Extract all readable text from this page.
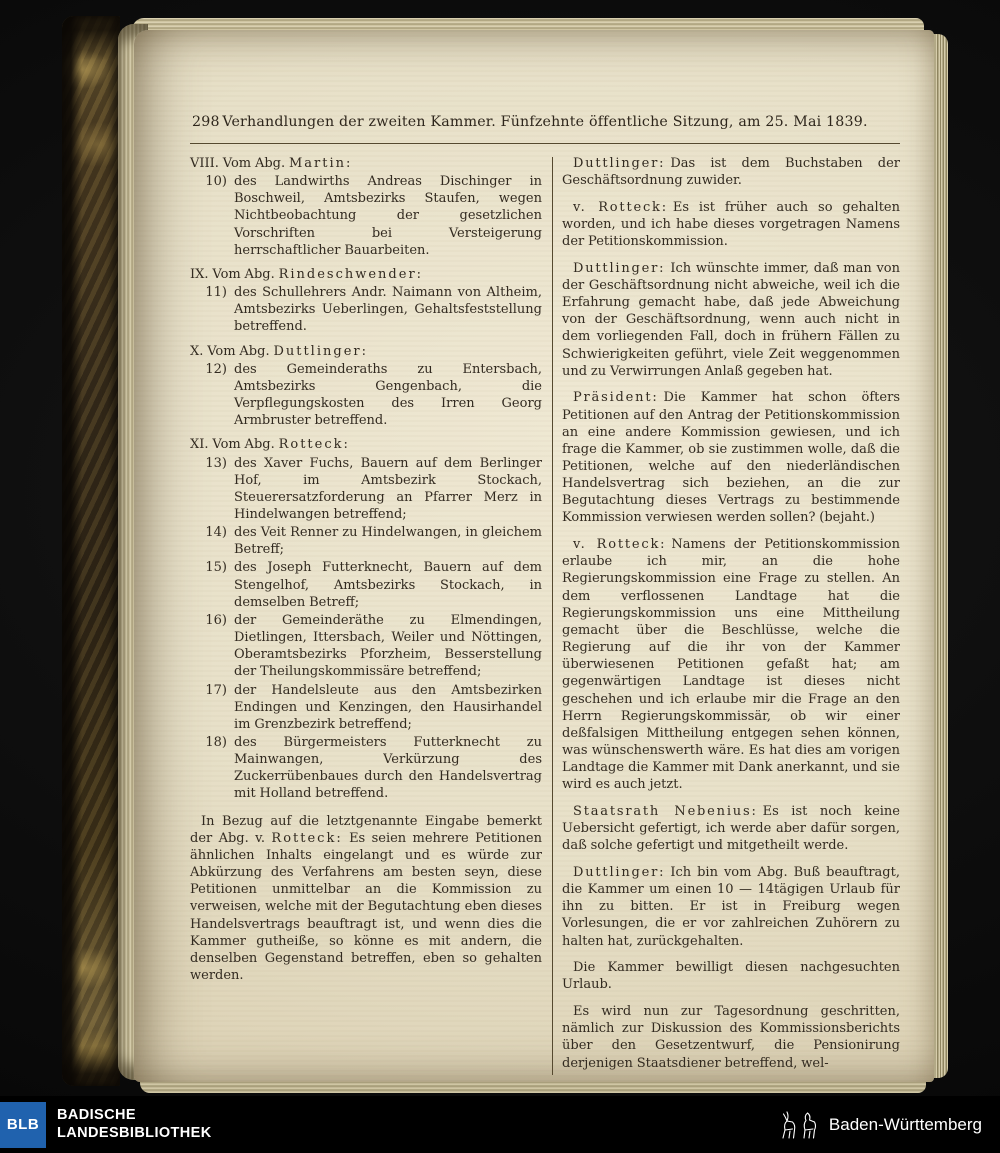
298 Verhandlungen der zweiten Kammer. Fünfzehnte öffentliche Sitzung, am 25. Mai 1839.
VIII. Vom Abg. Martin:
10) des Landwirths Andreas Dischinger in Boschweil, Amtsbezirks Staufen, wegen Nichtbeobachtung der gesetzlichen Vorschriften bei Versteigerung herrschaftlicher Bauarbeiten.
IX. Vom Abg. Rindeschwender:
11) des Schullehrers Andr. Naimann von Altheim, Amtsbezirks Ueberlingen, Gehaltsfeststellung betreffend.
X. Vom Abg. Duttlinger:
12) des Gemeinderaths zu Entersbach, Amtsbezirks Gengenbach, die Verpflegungskosten des Irren Georg Armbruster betreffend.
XI. Vom Abg. Rotteck:
13) des Xaver Fuchs, Bauern auf dem Berlinger Hof, im Amtsbezirk Stockach, Steuerersatzforderung an Pfarrer Merz in Hindelwangen betreffend;
14) des Veit Renner zu Hindelwangen, in gleichem Betreff;
15) des Joseph Futterknecht, Bauern auf dem Stengelhof, Amtsbezirks Stockach, in demselben Betreff;
16) der Gemeinderäthe zu Elmendingen, Dietlingen, Ittersbach, Weiler und Nöttingen, Oberamtsbezirks Pforzheim, Besserstellung der Theilungskommissäre betreffend;
17) der Handelsleute aus den Amtsbezirken Endingen und Kenzingen, den Hausirhandel im Grenzbezirk betreffend;
18) des Bürgermeisters Futterknecht zu Mainwangen, Verkürzung des Zuckerrübenbaues durch den Handelsvertrag mit Holland betreffend.

In Bezug auf die letztgenannte Eingabe bemerkt der Abg. v. Rotteck: Es seien mehrere Petitionen ähnlichen Inhalts eingelangt und es würde zur Abkürzung des Verfahrens am besten seyn, diese Petitionen unmittelbar an die Kommission zu verweisen, welche mit der Begutachtung eben dieses Handelsvertrags beauftragt ist, und wenn dies die Kammer gutheiße, so könne es mit andern, die denselben Gegenstand betreffen, eben so gehalten werden.

Duttlinger: Das ist dem Buchstaben der Geschäftsordnung zuwider.

v. Rotteck: Es ist früher auch so gehalten worden, und ich habe dieses vorgetragen Namens der Petitionskommission.

Duttlinger: Ich wünschte immer, daß man von der Geschäftsordnung nicht abweiche, weil ich die Erfahrung gemacht habe, daß jede Abweichung von der Geschäftsordnung, wenn auch nicht in dem vorliegenden Fall, doch in frühern Fällen zu Schwierigkeiten geführt, viele Zeit weggenommen und zu Verwirrungen Anlaß gegeben hat.

Präsident: Die Kammer hat schon öfters Petitionen auf den Antrag der Petitionskommission an eine andere Kommission gewiesen, und ich frage die Kammer, ob sie zustimmen wolle, daß die Petitionen, welche auf den niederländischen Handelsvertrag sich beziehen, an die zur Begutachtung dieses Vertrags zu bestimmende Kommission verwiesen werden sollen? (bejaht.)

v. Rotteck: Namens der Petitionskommission erlaube ich mir, an die hohe Regierungskommission eine Frage zu stellen. An dem verflossenen Landtage hat die Regierungskommission uns eine Mittheilung gemacht über die Beschlüsse, welche die Regierung auf die ihr von der Kammer überwiesenen Petitionen gefaßt hat; am gegenwärtigen Landtage ist dieses nicht geschehen und ich erlaube mir die Frage an den Herrn Regierungskommissär, ob wir einer deßfalsigen Mittheilung entgegen sehen können, was wünschenswerth wäre. Es hat dies am vorigen Landtage die Kammer mit Dank anerkannt, und sie wird es auch jetzt.

Staatsrath Nebenius: Es ist noch keine Uebersicht gefertigt, ich werde aber dafür sorgen, daß solche gefertigt und mitgetheilt werde.

Duttlinger: Ich bin vom Abg. Buß beauftragt, die Kammer um einen 10 — 14tägigen Urlaub für ihn zu bitten. Er ist in Freiburg wegen Vorlesungen, die er vor zahlreichen Zuhörern zu halten hat, zurückgehalten.

Die Kammer bewilligt diesen nachgesuchten Urlaub.

Es wird nun zur Tagesordnung geschritten, nämlich zur Diskussion des Kommissionsberichts über den Gesetzentwurf, die Pensionirung derjenigen Staatsdiener betreffend, wel-

BLB
BADISCHE
LANDESBIBLIOTHEK	Baden-Württemberg
